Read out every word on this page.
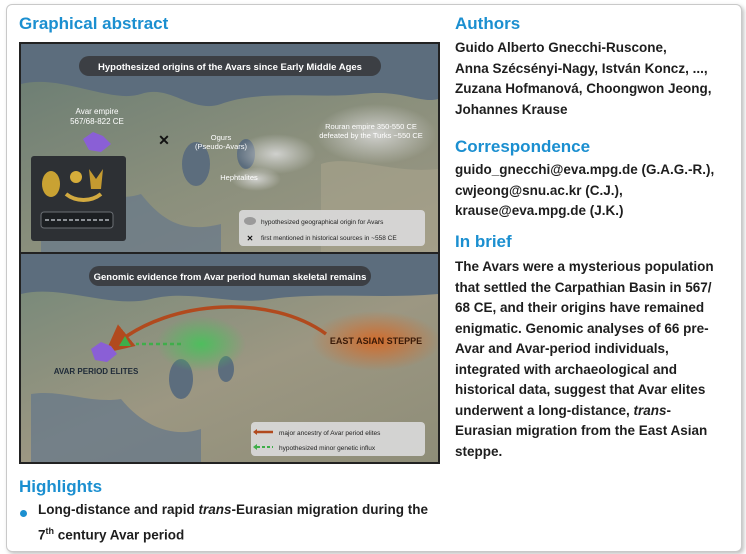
Graphical abstract
Hypothesized origins of the Avars since Early Middle Ages
Avar empire
567/68-822 CE
✕	Ogurs
(Pseudo-Avars)
Hephtalites
Rouran empire 350-550 CE
defeated by the Turks ~550 CE
hypothesized geographical origin for Avars
✕ first mentioned in historical sources in ~558 CE
Genomic evidence from Avar period human skeletal remains
AVAR PERIOD ELITES
EAST ASIAN STEPPE
major ancestry of Avar period elites
hypothesized minor genetic influx
Highlights

Long-distance and rapid trans-Eurasian migration during the
7th century Avar period

Authors

Guido Alberto Gnecchi-Ruscone,
Anna Szécsényi-Nagy, István Koncz, ...,
Zuzana Hofmanová, Choongwon Jeong,
Johannes Krause

Correspondence

guido_gnecchi@eva.mpg.de (G.A.G.-R.),
cwjeong@snu.ac.kr (C.J.),
krause@eva.mpg.de (J.K.)

In brief

The Avars were a mysterious population
that settled the Carpathian Basin in 567/
68 CE, and their origins have remained
enigmatic. Genomic analyses of 66 pre-
Avar and Avar-period individuals,
integrated with archaeological and
historical data, suggest that Avar elites
underwent a long-distance, trans-
Eurasian migration from the East Asian
steppe.
